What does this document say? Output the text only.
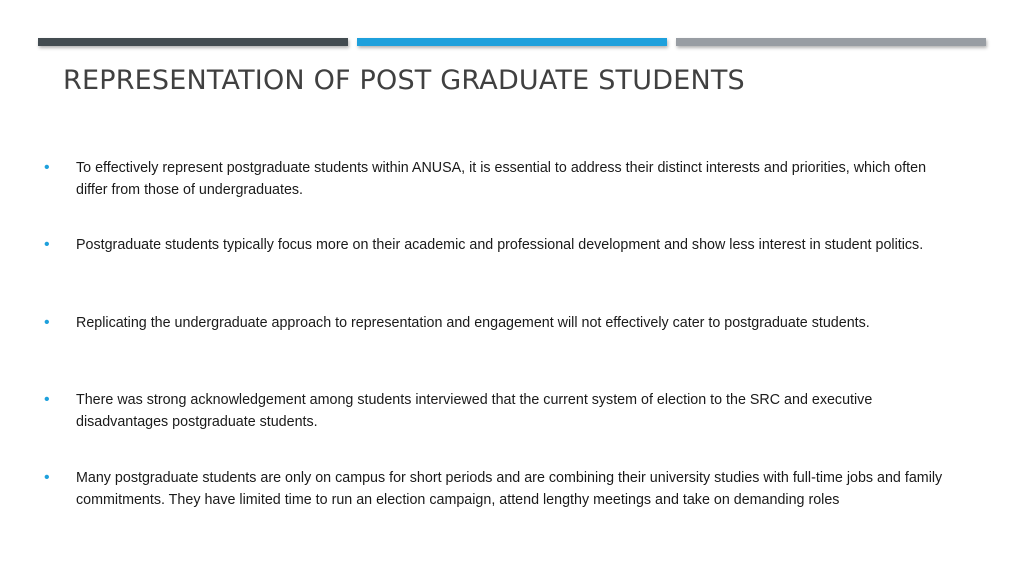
REPRESENTATION OF POST GRADUATE STUDENTS
• To effectively represent postgraduate students within ANUSA, it is essential to address their distinct interests and priorities, which often differ from those of undergraduates.

• Postgraduate students typically focus more on their academic and professional development and show less interest in student politics.

• Replicating the undergraduate approach to representation and engagement will not effectively cater to postgraduate students.

• There was strong acknowledgement among students interviewed that the current system of election to the SRC and executive disadvantages postgraduate students.

• Many postgraduate students are only on campus for short periods and are combining their university studies with full-time jobs and family commitments. They have limited time to run an election campaign, attend lengthy meetings and take on demanding roles
